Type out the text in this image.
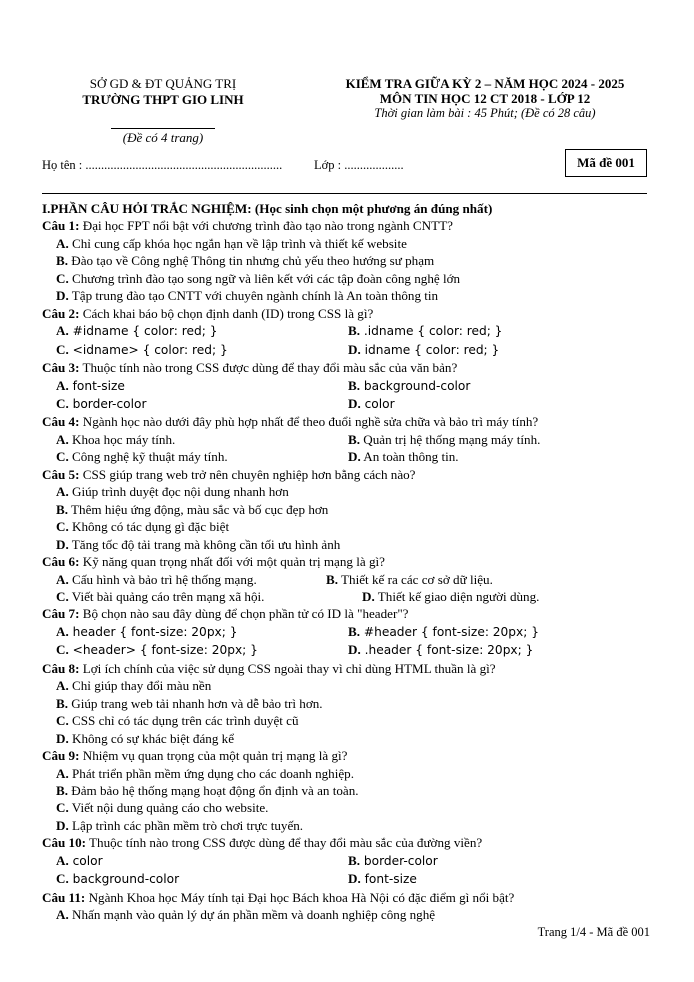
SỞ GD & ĐT QUẢNG TRỊ
TRƯỜNG THPT GIO LINH
(Đề có 4 trang)
KIỂM TRA GIỮA KỲ 2 – NĂM HỌC 2024 - 2025
MÔN TIN HỌC 12 CT 2018 - LỚP 12
Thời gian làm bài : 45 Phút; (Đề có 28 câu)
Họ tên : ...............................................................	Lớp : ...................	Mã đề 001
I.PHẦN CÂU HỎI TRẮC NGHIỆM: (Học sinh chọn một phương án đúng nhất)
Câu 1: Đại học FPT nổi bật với chương trình đào tạo nào trong ngành CNTT?
A. Chỉ cung cấp khóa học ngắn hạn về lập trình và thiết kế website
B. Đào tạo về Công nghệ Thông tin nhưng chủ yếu theo hướng sư phạm
C. Chương trình đào tạo song ngữ và liên kết với các tập đoàn công nghệ lớn
D. Tập trung đào tạo CNTT với chuyên ngành chính là An toàn thông tin
Câu 2: Cách khai báo bộ chọn định danh (ID) trong CSS là gì?
A. #idname { color: red; }	B. .idname { color: red; }
C. <idname> { color: red; }	D. idname { color: red; }
Câu 3: Thuộc tính nào trong CSS được dùng để thay đổi màu sắc của văn bản?
A. font-size	B. background-color
C. border-color	D. color
Câu 4: Ngành học nào dưới đây phù hợp nhất để theo đuổi nghề sửa chữa và bảo trì máy tính?
A. Khoa học máy tính.	B. Quản trị hệ thống mạng máy tính.
C. Công nghệ kỹ thuật máy tính.	D. An toàn thông tin.
Câu 5: CSS giúp trang web trở nên chuyên nghiệp hơn bằng cách nào?
A. Giúp trình duyệt đọc nội dung nhanh hơn
B. Thêm hiệu ứng động, màu sắc và bố cục đẹp hơn
C. Không có tác dụng gì đặc biệt
D. Tăng tốc độ tải trang mà không cần tối ưu hình ảnh
Câu 6: Kỹ năng quan trọng nhất đối với một quản trị mạng là gì?
A. Cấu hình và bảo trì hệ thống mạng.	B. Thiết kế ra các cơ sở dữ liệu.
C. Viết bài quảng cáo trên mạng xã hội.	D. Thiết kế giao diện người dùng.
Câu 7: Bộ chọn nào sau đây dùng để chọn phần tử có ID là "header"?
A. header { font-size: 20px; }	B. #header { font-size: 20px; }
C. <header> { font-size: 20px; }	D. .header { font-size: 20px; }
Câu 8: Lợi ích chính của việc sử dụng CSS ngoài thay vì chỉ dùng HTML thuần là gì?
A. Chỉ giúp thay đổi màu nền
B. Giúp trang web tải nhanh hơn và dễ bảo trì hơn.
C. CSS chỉ có tác dụng trên các trình duyệt cũ
D. Không có sự khác biệt đáng kể
Câu 9: Nhiệm vụ quan trọng của một quản trị mạng là gì?
A. Phát triển phần mềm ứng dụng cho các doanh nghiệp.
B. Đảm bảo hệ thống mạng hoạt động ổn định và an toàn.
C. Viết nội dung quảng cáo cho website.
D. Lập trình các phần mềm trò chơi trực tuyến.
Câu 10: Thuộc tính nào trong CSS được dùng để thay đổi màu sắc của đường viền?
A. color	B. border-color
C. background-color	D. font-size
Câu 11: Ngành Khoa học Máy tính tại Đại học Bách khoa Hà Nội có đặc điểm gì nổi bật?
A. Nhấn mạnh vào quản lý dự án phần mềm và doanh nghiệp công nghệ
Trang 1/4 - Mã đề 001
